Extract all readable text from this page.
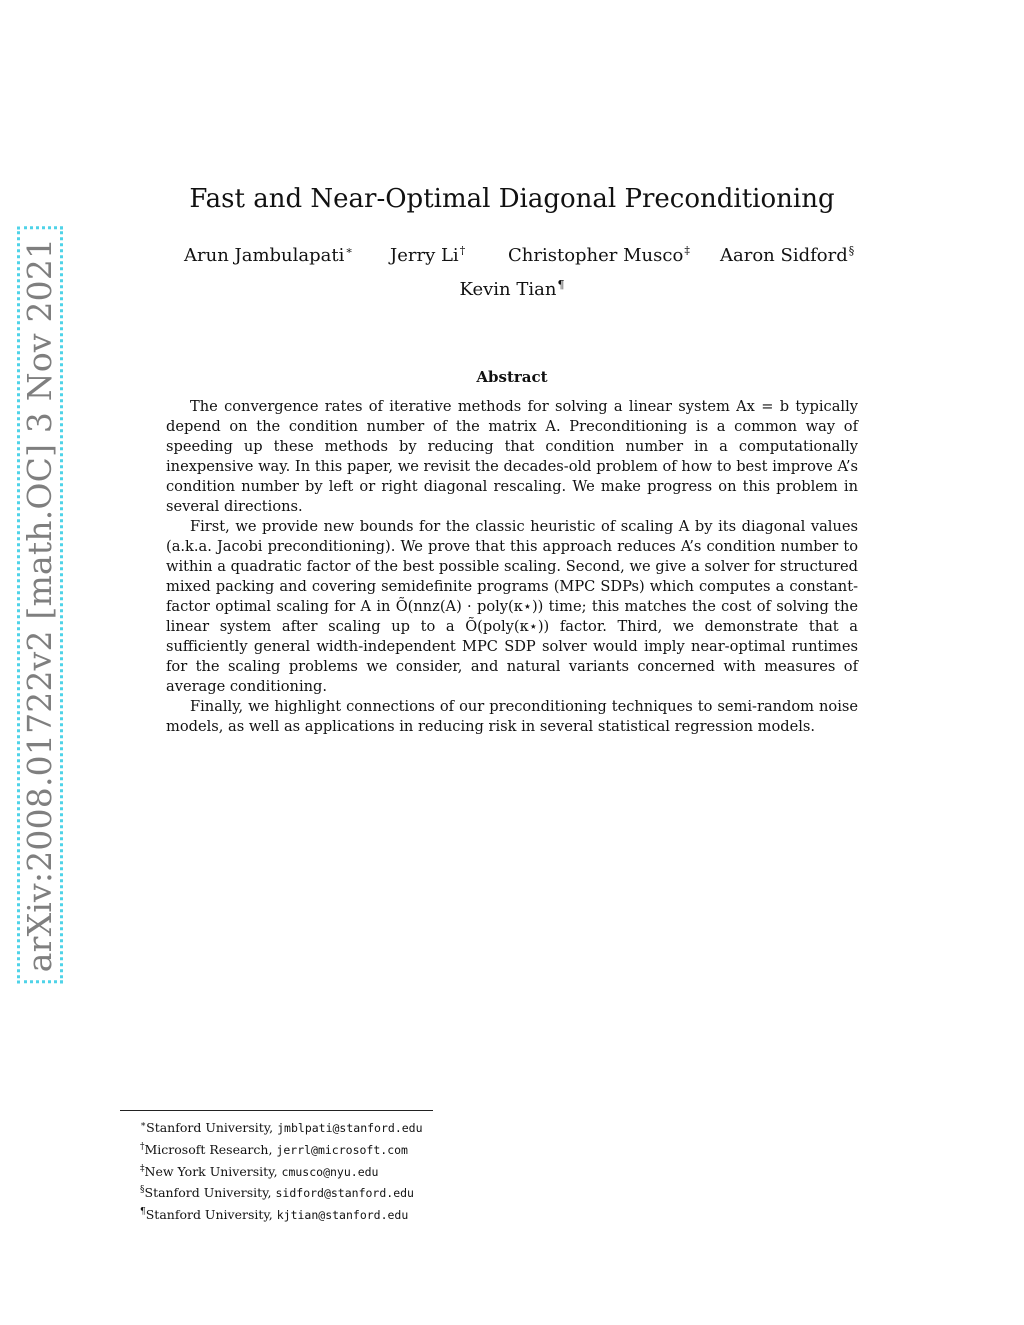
arXiv:2008.01722v2 [math.OC] 3 Nov 2021
Fast and Near-Optimal Diagonal Preconditioning
Arun Jambulapati∗ Jerry Li† Christopher Musco‡ Aaron Sidford§
Kevin Tian¶
Abstract

The convergence rates of iterative methods for solving a linear system Ax = b typically depend on the condition number of the matrix A. Preconditioning is a common way of speeding up these methods by reducing that condition number in a computationally inexpensive way. In this paper, we revisit the decades-old problem of how to best improve A’s condition number by left or right diagonal rescaling. We make progress on this problem in several directions.

First, we provide new bounds for the classic heuristic of scaling A by its diagonal values (a.k.a. Jacobi preconditioning). We prove that this approach reduces A’s condition number to within a quadratic factor of the best possible scaling. Second, we give a solver for structured mixed packing and covering semidefinite programs (MPC SDPs) which computes a constant-factor optimal scaling for A in Õ(nnz(A) · poly(κ⋆)) time; this matches the cost of solving the linear system after scaling up to a Õ(poly(κ⋆)) factor. Third, we demonstrate that a sufficiently general width-independent MPC SDP solver would imply near-optimal runtimes for the scaling problems we consider, and natural variants concerned with measures of average conditioning.

Finally, we highlight connections of our preconditioning techniques to semi-random noise models, as well as applications in reducing risk in several statistical regression models.

∗Stanford University, jmblpati@stanford.edu
†Microsoft Research, jerrl@microsoft.com
‡New York University, cmusco@nyu.edu
§Stanford University, sidford@stanford.edu
¶Stanford University, kjtian@stanford.edu
